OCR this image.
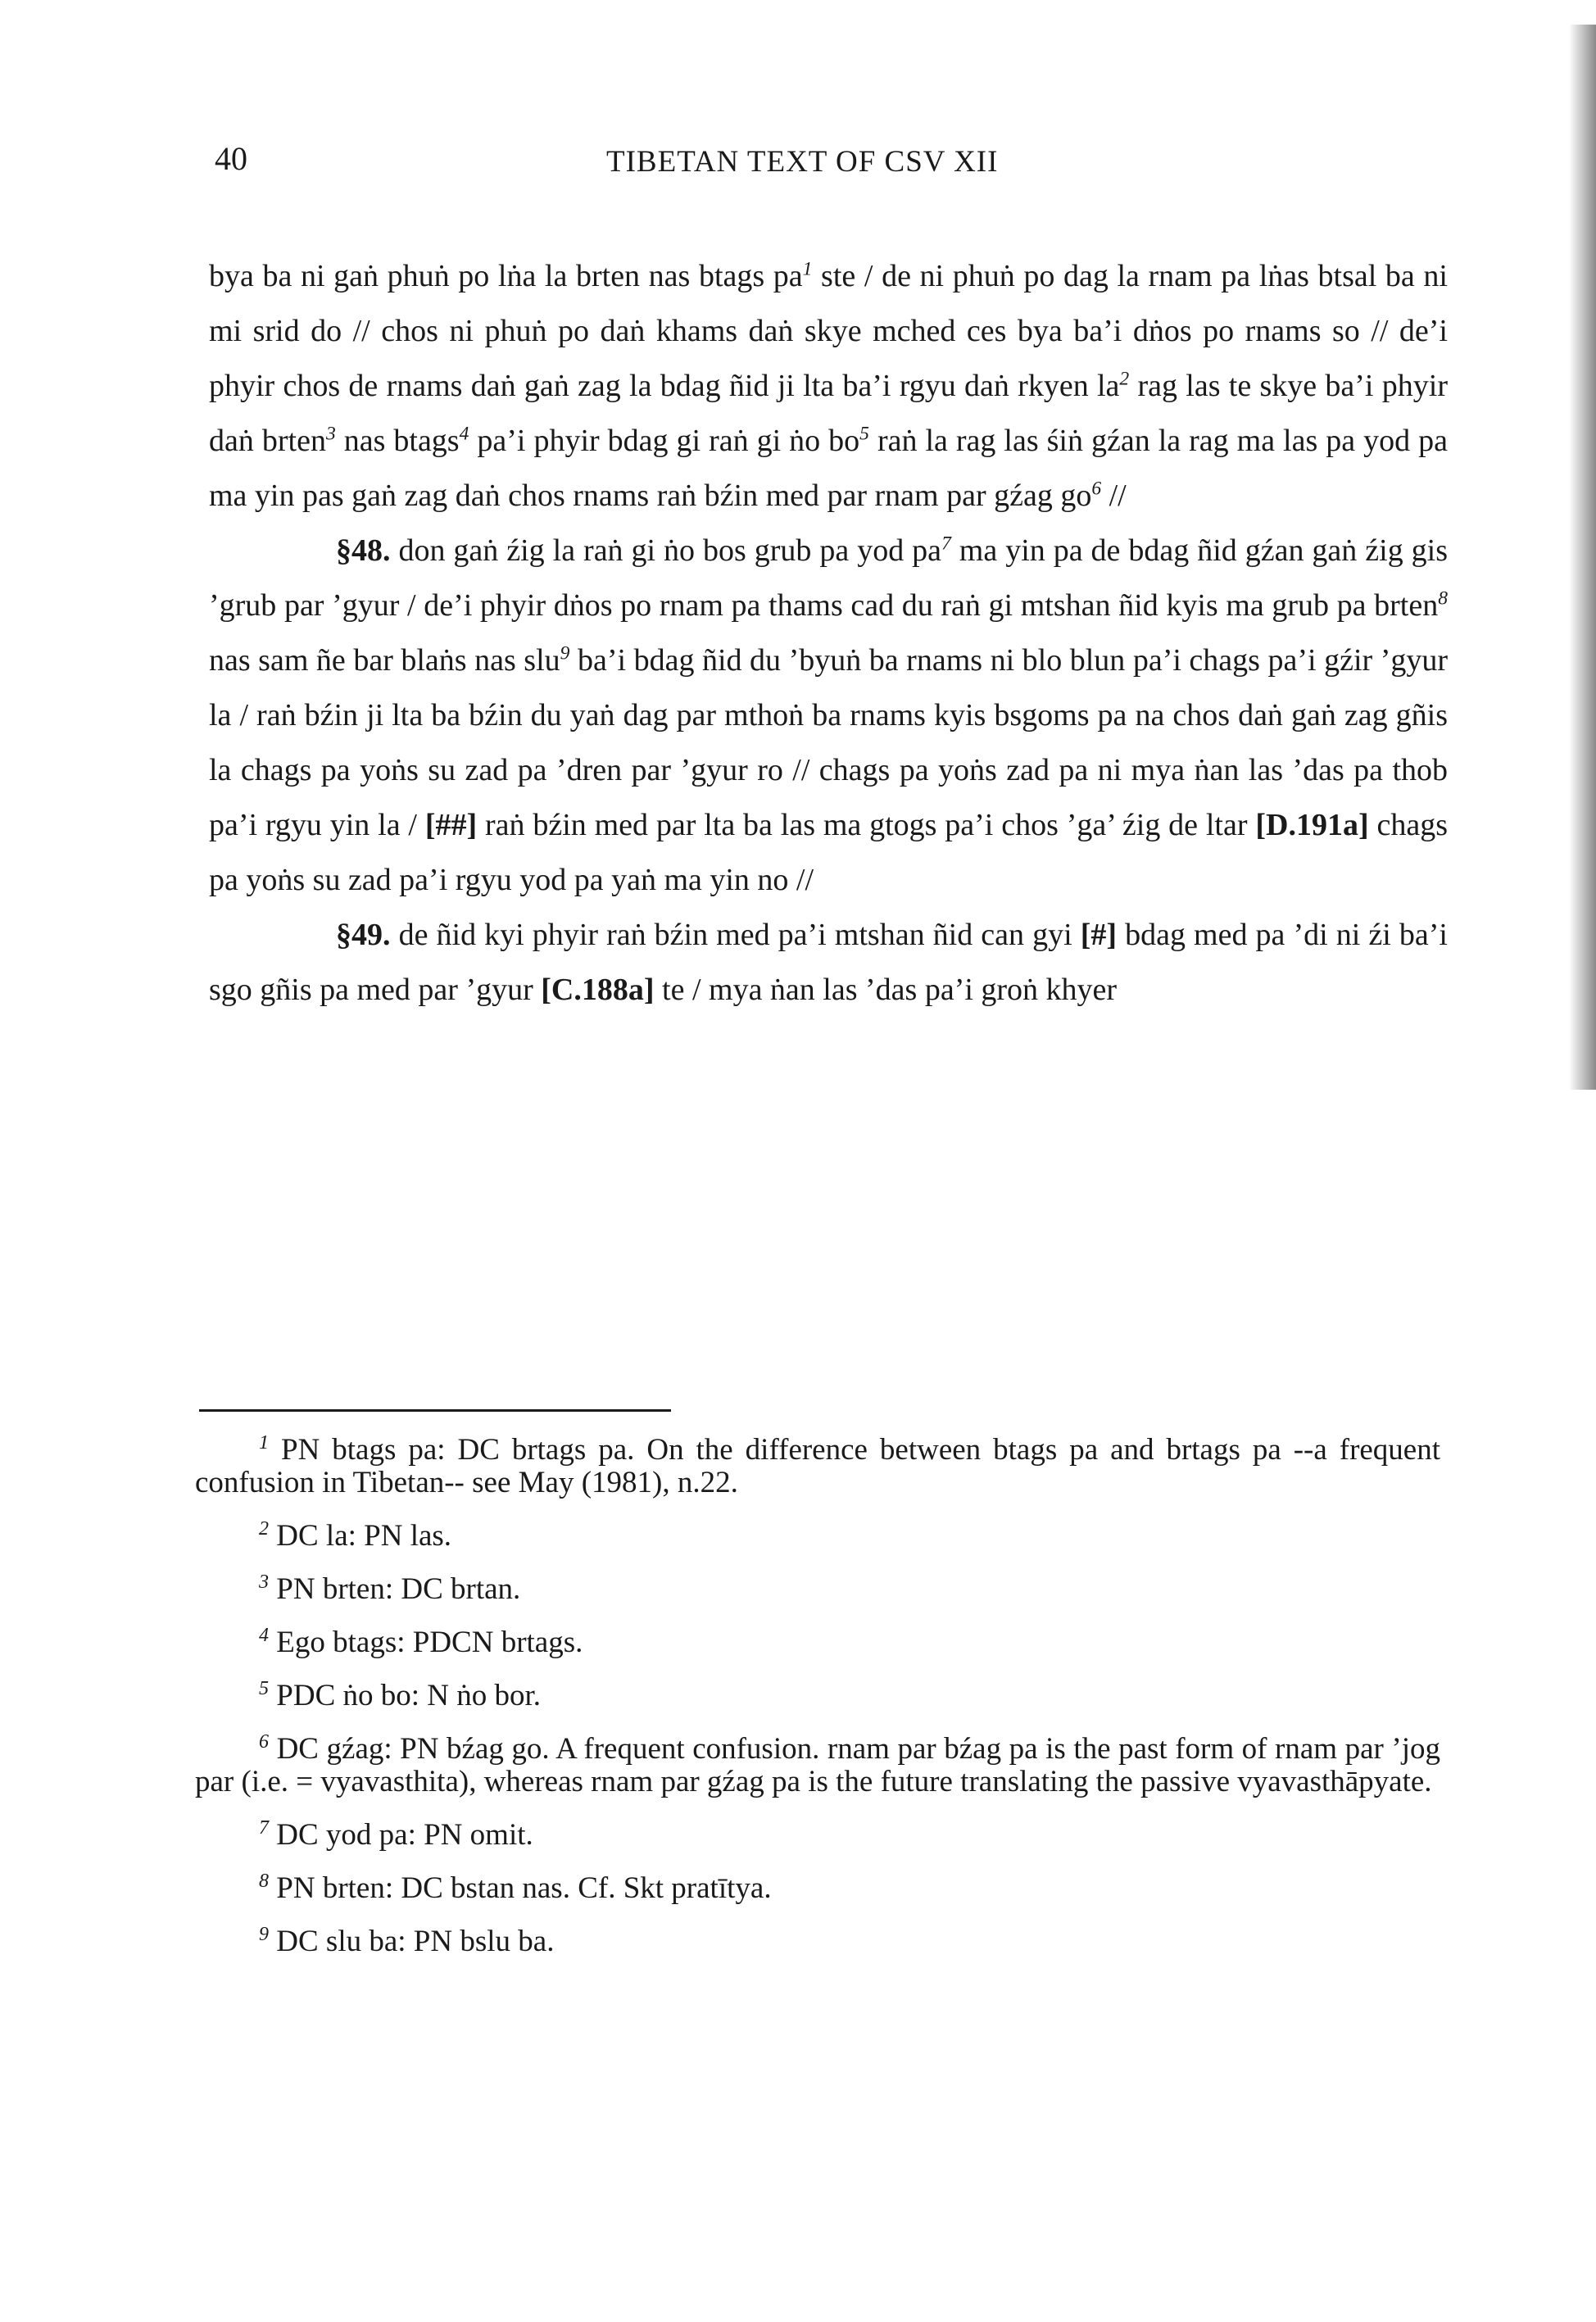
40	TIBETAN TEXT OF CSV XII

bya ba ni gaṅ phuṅ po lṅa la brten nas btags $pa^1$ ste / de ni phuṅ po dag la rnam pa lṅas btsal ba ni mi srid do // chos ni phuṅ po daṅ khams daṅ skye mched ces bya ba’i dṅos po rnams so // de’i phyir chos de rnams daṅ gaṅ zag la bdag ñid ji lta ba’i rgyu daṅ rkyen $la^2$ rag las te skye ba’i phyir daṅ brten$^3$ nas btags$^4$ pa’i phyir bdag gi raṅ gi ṅo $bo^5$ raṅ la rag las śiṅ gźan la rag ma las pa yod pa ma yin pas gaṅ zag daṅ chos rnams raṅ bźin med par rnam par gźag $go^6$ //

§48. don gaṅ źig la raṅ gi ṅo bos grub pa yod $pa^7$ ma yin pa de bdag ñid gźan gaṅ źig gis ’grub par ’gyur / de’i phyir dṅos po rnam pa thams cad du raṅ gi mtshan ñid kyis ma grub pa brten$^8$ nas sam ñe bar blaṅs nas slu$^9$ ba’i bdag ñid du ’byuṅ ba rnams ni blo blun pa’i chags pa’i gźir ’gyur la / raṅ bźin ji lta ba bźin du yaṅ dag par mthoṅ ba rnams kyis bsgoms pa na chos daṅ gaṅ zag gñis la chags pa yoṅs su zad pa ’dren par ’gyur ro // chags pa yoṅs zad pa ni mya ṅan las ’das pa thob pa’i rgyu yin la / [##] raṅ bźin med par lta ba las ma gtogs pa’i chos ’ga’ źig de ltar [D.191a] chags pa yoṅs su zad pa’i rgyu yod pa yaṅ ma yin no //

§49. de ñid kyi phyir raṅ bźin med pa’i mtshan ñid can gyi [#] bdag med pa ’di ni źi ba’i sgo gñis pa med par ’gyur [C.188a] te / mya ṅan las ’das pa’i groṅ khyer

$^1$ PN btags pa: DC brtags pa. On the difference between btags pa and brtags pa --a frequent confusion in Tibetan-- see May (1981), n.22.

$^2$ DC la: PN las.

$^3$ PN brten: DC brtan.

$^4$ Ego btags: PDCN brtags.

$^5$ PDC ṅo bo: N ṅo bor.

$^6$ DC gźag: PN bźag go. A frequent confusion. rnam par bźag pa is the past form of rnam par ’jog par (i.e. = vyavasthita), whereas rnam par gźag pa is the future translating the passive vyavasthāpyate.

$^7$ DC yod pa: PN omit.

$^8$ PN brten: DC bstan nas. Cf. Skt pratītya.

$^9$ DC slu ba: PN bslu ba.
